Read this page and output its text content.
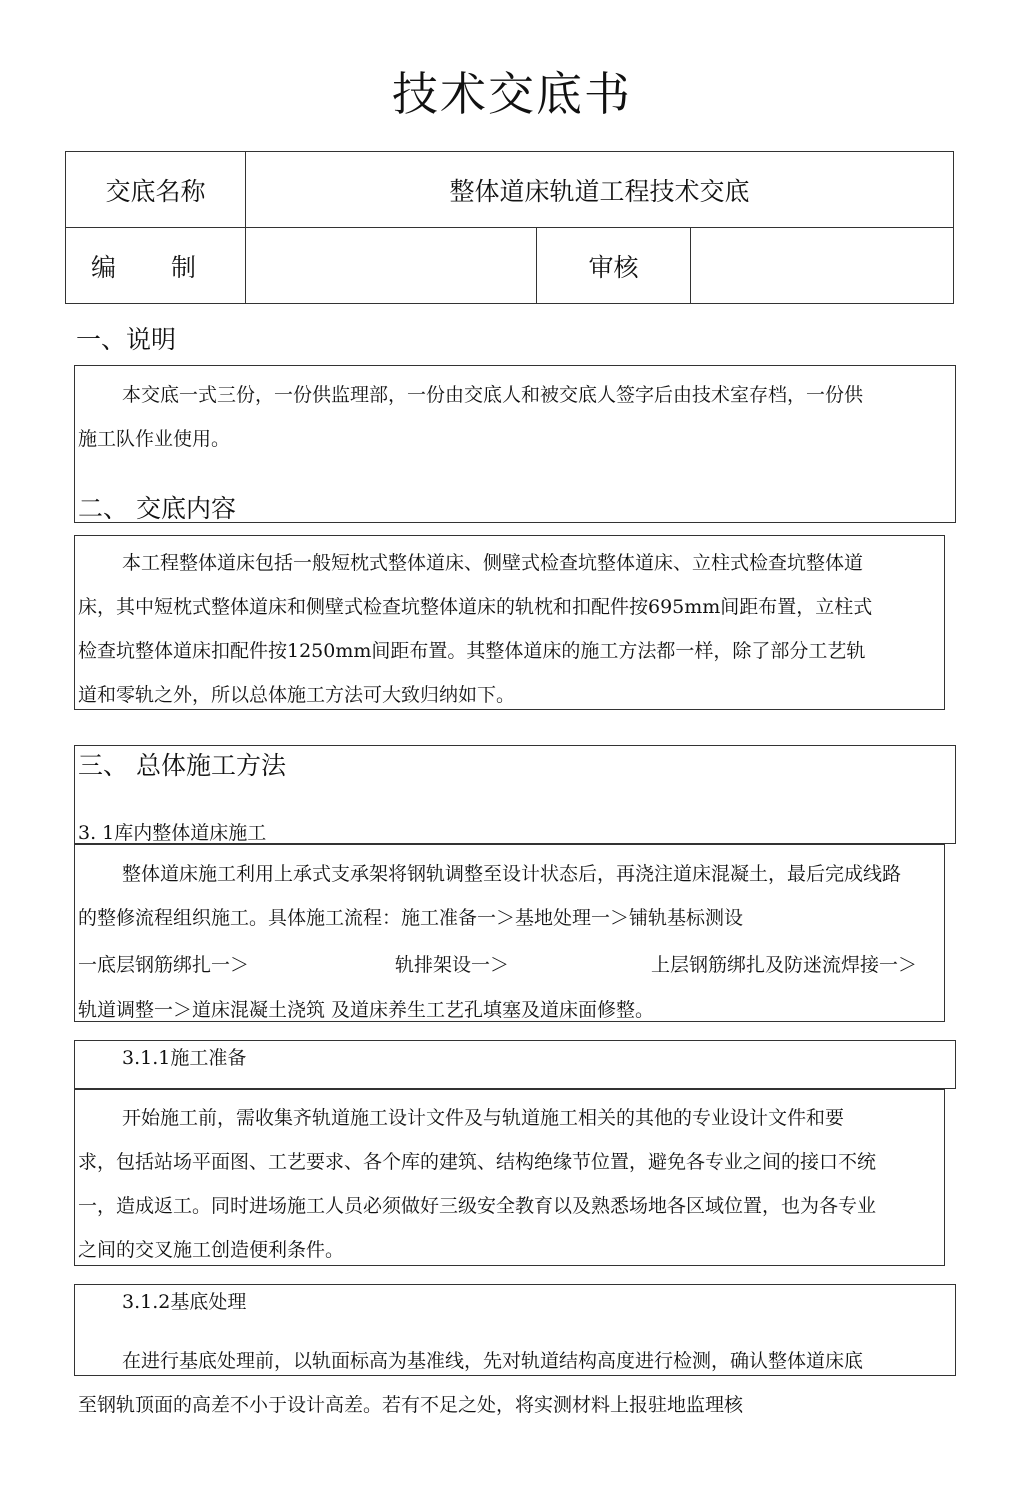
技术交底书
交底名称	整体道床轨道工程技术交底		
编制		审核	
一、说明

本交底一式三份，一份供监理部，一份由交底人和被交底人签字后由技术室存档，一份供施工队作业使用。

二、 交底内容

本工程整体道床包括一般短枕式整体道床、侧壁式检查坑整体道床、立柱式检查坑整体道床，其中短枕式整体道床和侧壁式检查坑整体道床的轨枕和扣配件按695mm间距布置，立柱式检查坑整体道床扣配件按1250mm间距布置。其整体道床的施工方法都一样，除了部分工艺轨道和零轨之外，所以总体施工方法可大致归纳如下。

三、 总体施工方法
3. 1库内整体道床施工

整体道床施工利用上承式支承架将钢轨调整至设计状态后，再浇注道床混凝土，最后完成线路的整修流程组织施工。具体施工流程：施工准备一＞基地处理一＞铺轨基标测设

一底层钢筋绑扎一＞	轨排架设一＞	上层钢筋绑扎及防迷流焊接一＞
轨道调整一＞道床混凝土浇筑 及道床养生工艺孔填塞及道床面修整。
3.1.1施工准备

开始施工前，需收集齐轨道施工设计文件及与轨道施工相关的其他的专业设计文件和要求，包括站场平面图、工艺要求、各个库的建筑、结构绝缘节位置，避免各专业之间的接口不统一，造成返工。同时进场施工人员必须做好三级安全教育以及熟悉场地各区域位置，也为各专业之间的交叉施工创造便利条件。

3.1.2基底处理

在进行基底处理前，以轨面标高为基准线，先对轨道结构高度进行检测，确认整体道床底至钢轨顶面的高差不小于设计高差。若有不足之处，将实测材料上报驻地监理核
